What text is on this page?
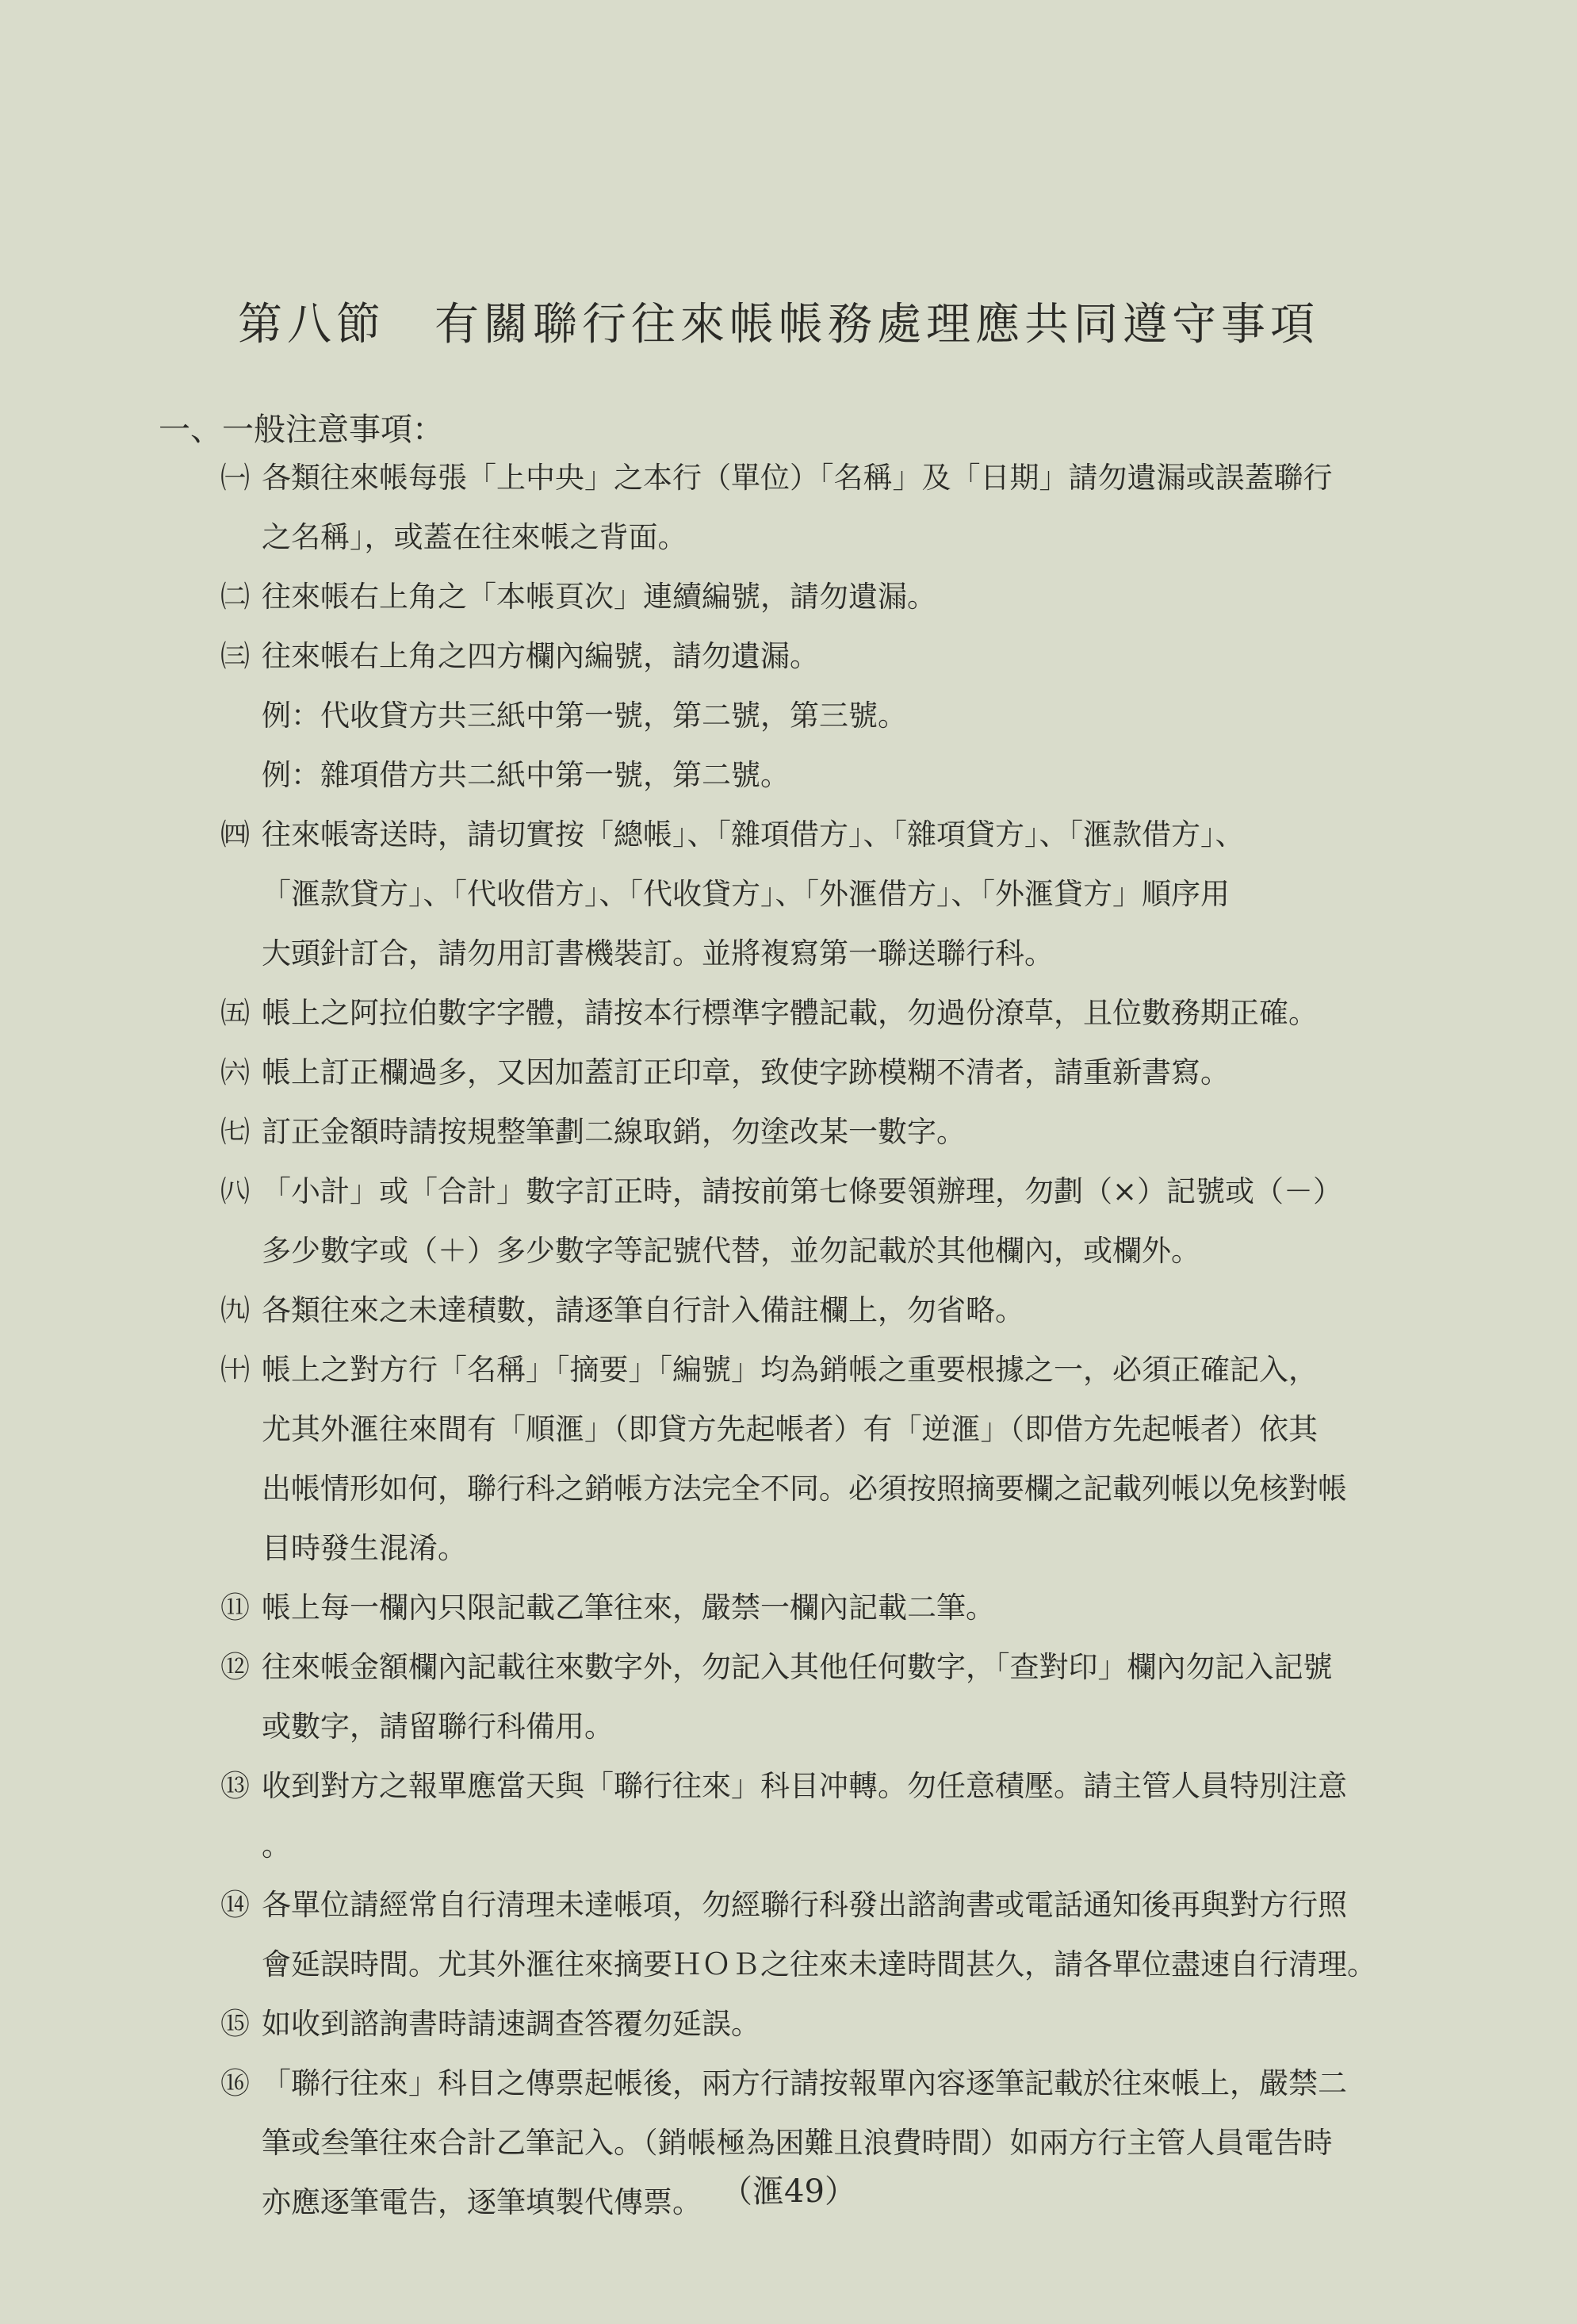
第八節　有關聯行往來帳帳務處理應共同遵守事項
一、一般注意事項：
㈠ 各類往來帳每張「上中央」之本行（單位）「名稱」及「日期」請勿遺漏或誤蓋聯行
之名稱」，或蓋在往來帳之背面。
㈡ 往來帳右上角之「本帳頁次」連續編號，請勿遺漏。
㈢ 往來帳右上角之四方欄內編號，請勿遺漏。
例：代收貸方共三紙中第一號，第二號，第三號。
例：雜項借方共二紙中第一號，第二號。
㈣ 往來帳寄送時，請切實按「總帳」、「雜項借方」、「雜項貸方」、「滙款借方」、
「滙款貸方」、「代收借方」、「代收貸方」、「外滙借方」、「外滙貸方」順序用
大頭針訂合，請勿用訂書機裝訂。並將複寫第一聯送聯行科。
㈤ 帳上之阿拉伯數字字體，請按本行標準字體記載，勿過份潦草，且位數務期正確。
㈥ 帳上訂正欄過多，又因加蓋訂正印章，致使字跡模糊不清者，請重新書寫。
㈦ 訂正金額時請按規整筆劃二線取銷，勿塗改某一數字。
㈧ 「小計」或「合計」數字訂正時，請按前第七條要領辦理，勿劃（×）記號或（－）
多少數字或（＋）多少數字等記號代替，並勿記載於其他欄內，或欄外。
㈨ 各類往來之未達積數，請逐筆自行計入備註欄上，勿省略。
㈩ 帳上之對方行「名稱」「摘要」「編號」均為銷帳之重要根據之一，必須正確記入，
尤其外滙往來間有「順滙」（即貸方先起帳者）有「逆滙」（即借方先起帳者）依其
出帳情形如何，聯行科之銷帳方法完全不同。必須按照摘要欄之記載列帳以免核對帳
目時發生混淆。
⑪ 帳上每一欄內只限記載乙筆往來，嚴禁一欄內記載二筆。
⑫ 往來帳金額欄內記載往來數字外，勿記入其他任何數字，「查對印」欄內勿記入記號
或數字，請留聯行科備用。
⑬ 收到對方之報單應當天與「聯行往來」科目冲轉。勿任意積壓。請主管人員特別注意
。
⑭ 各單位請經常自行清理未達帳項，勿經聯行科發出諮詢書或電話通知後再與對方行照
會延誤時間。尤其外滙往來摘要ＨＯＢ之往來未達時間甚久，請各單位盡速自行清理。
⑮ 如收到諮詢書時請速調查答覆勿延誤。
⑯ 「聯行往來」科目之傳票起帳後，兩方行請按報單內容逐筆記載於往來帳上，嚴禁二
筆或叁筆往來合計乙筆記入。（銷帳極為困難且浪費時間）如兩方行主管人員電告時
亦應逐筆電告，逐筆填製代傳票。 （滙49）
